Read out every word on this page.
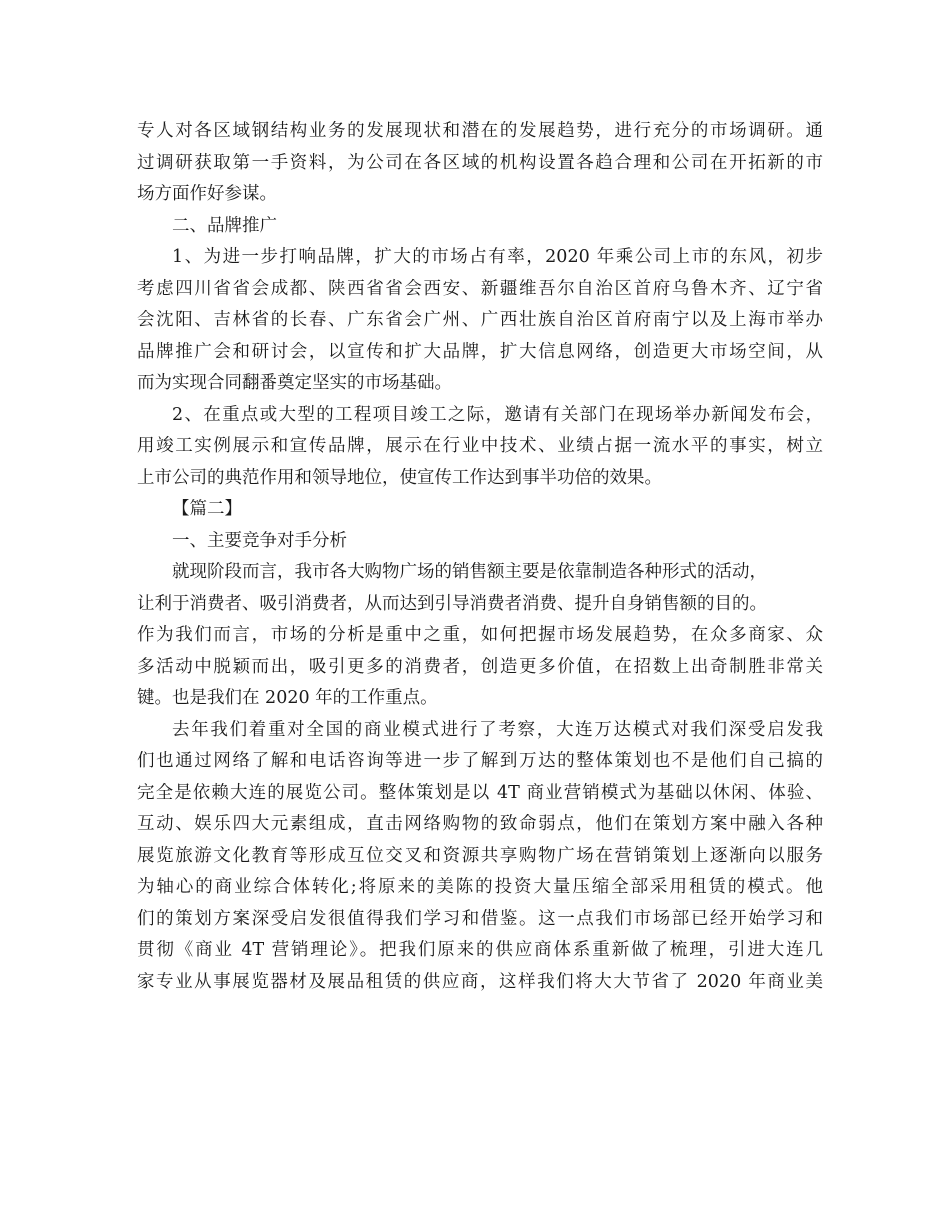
专人对各区域钢结构业务的发展现状和潜在的发展趋势，进行充分的市场调研。通
过调研获取第一手资料，为公司在各区域的机构设置各趋合理和公司在开拓新的市
场方面作好参谋。
二、品牌推广
1、为进一步打响品牌，扩大的市场占有率，2020 年乘公司上市的东风，初步
考虑四川省省会成都、陕西省省会西安、新疆维吾尔自治区首府乌鲁木齐、辽宁省
会沈阳、吉林省的长春、广东省会广州、广西壮族自治区首府南宁以及上海市举办
品牌推广会和研讨会，以宣传和扩大品牌，扩大信息网络，创造更大市场空间，从
而为实现合同翻番奠定坚实的市场基础。
2、在重点或大型的工程项目竣工之际，邀请有关部门在现场举办新闻发布会，
用竣工实例展示和宣传品牌，展示在行业中技术、业绩占据一流水平的事实，树立
上市公司的典范作用和领导地位，使宣传工作达到事半功倍的效果。
【篇二】
一、主要竞争对手分析
就现阶段而言，我市各大购物广场的销售额主要是依靠制造各种形式的活动，
让利于消费者、吸引消费者，从而达到引导消费者消费、提升自身销售额的目的。
作为我们而言，市场的分析是重中之重，如何把握市场发展趋势，在众多商家、众
多活动中脱颖而出，吸引更多的消费者，创造更多价值，在招数上出奇制胜非常关
键。也是我们在 2020 年的工作重点。
去年我们着重对全国的商业模式进行了考察，大连万达模式对我们深受启发我
们也通过网络了解和电话咨询等进一步了解到万达的整体策划也不是他们自己搞的
完全是依赖大连的展览公司。整体策划是以 4T 商业营销模式为基础以休闲、体验、
互动、娱乐四大元素组成，直击网络购物的致命弱点，他们在策划方案中融入各种
展览旅游文化教育等形成互位交叉和资源共享购物广场在营销策划上逐渐向以服务
为轴心的商业综合体转化;将原来的美陈的投资大量压缩全部采用租赁的模式。他
们的策划方案深受启发很值得我们学习和借鉴。这一点我们市场部已经开始学习和
贯彻《商业 4T 营销理论》。把我们原来的供应商体系重新做了梳理，引进大连几
家专业从事展览器材及展品租赁的供应商，这样我们将大大节省了 2020 年商业美
